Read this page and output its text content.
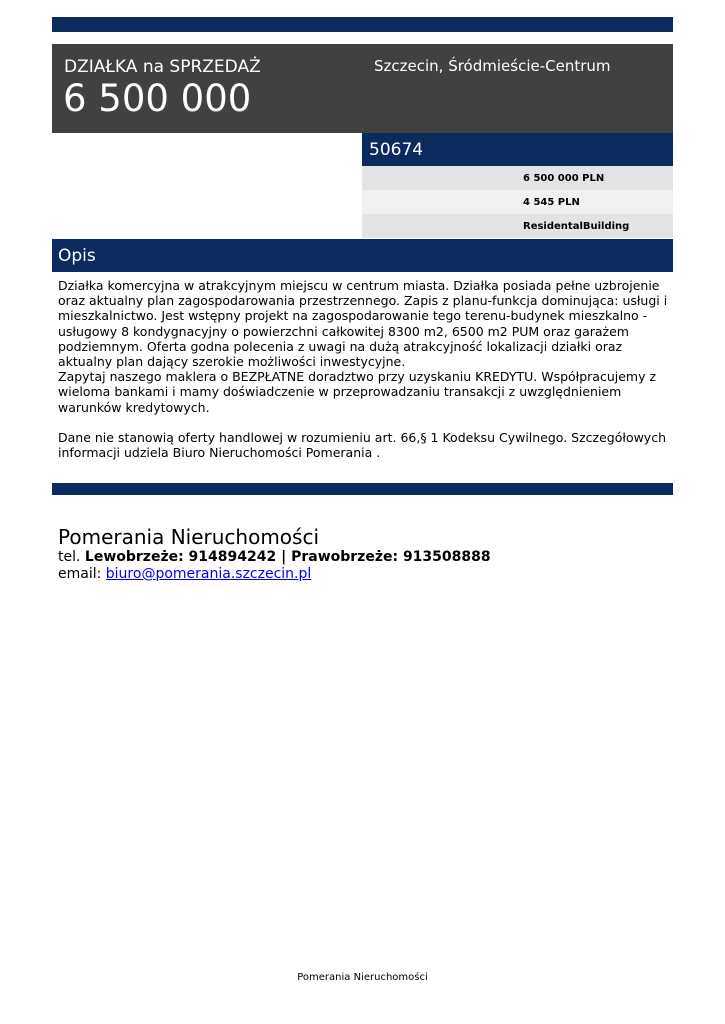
DZIAŁKA na SPRZEDAŻ
6 500 000
Szczecin, Śródmieście-Centrum
50674
6 500 000 PLN
4 545 PLN
ResidentalBuilding
Opis

Działka komercyjna w atrakcyjnym miejscu w centrum miasta. Działka posiada pełne uzbrojenie oraz aktualny plan zagospodarowania przestrzennego. Zapis z planu-funkcja dominująca: usługi i mieszkalnictwo. Jest wstępny projekt na zagospodarowanie tego terenu-budynek mieszkalno -usługowy 8 kondygnacyjny o powierzchni całkowitej 8300 m2, 6500 m2 PUM oraz garażem podziemnym. Oferta godna polecenia z uwagi na dużą atrakcyjność lokalizacji działki oraz aktualny plan dający szerokie możliwości inwestycyjne.

Zapytaj naszego maklera o BEZPŁATNE doradztwo przy uzyskaniu KREDYTU. Współpracujemy z wieloma bankami i mamy doświadczenie w przeprowadzaniu transakcji z uwzględnieniem warunków kredytowych.

Dane nie stanowią oferty handlowej w rozumieniu art. 66,§ 1 Kodeksu Cywilnego. Szczegółowych informacji udziela Biuro Nieruchomości Pomerania .
Pomerania Nieruchomości
tel. Lewobrzeże: 914894242 | Prawobrzeże: 913508888
email: biuro@pomerania.szczecin.pl
Pomerania Nieruchomości
